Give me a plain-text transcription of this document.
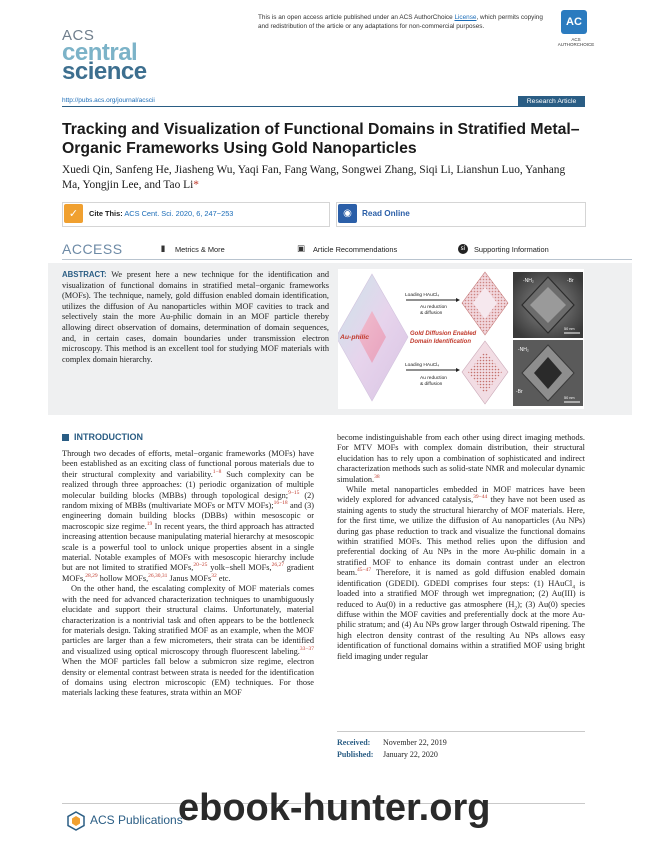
ACS
central
science
This is an open access article published under an ACS AuthorChoice License, which permits copying and redistribution of the article or any adaptations for non-commercial purposes.	AC
ACS AUTHORCHOICE
http://pubs.acs.org/journal/acscii	Research Article
Tracking and Visualization of Functional Domains in Stratified Metal–Organic Frameworks Using Gold Nanoparticles
Xuedi Qin, Sanfeng He, Jiasheng Wu, Yaqi Fan, Fang Wang, Songwei Zhang, Siqi Li, Lianshun Luo, Yanhang Ma, Yongjin Lee, and Tao Li*
✓	Cite This: ACS Cent. Sci. 2020, 6, 247−253	◉	Read Online
ACCESS	▮	Metrics & More	▣ Article Recommendations	si	Supporting Information
ABSTRACT: We present here a new technique for the identification and visualization of functional domains in stratified metal−organic frameworks (MOFs). The technique, namely, gold diffusion enabled domain identification, utilizes the diffusion of Au nanoparticles within MOF cavities to track and selectively stain the more Au-philic domain in an MOF particle thereby allowing direct observation of domains, determination of domain sequences, and, in certain cases, domain boundaries under transmission electron microscopy. This method is an excellent tool for studying MOF materials with complex domain hierarchy.
Au-philic
Loading HAuCl₄
Au reduction
& diffusion
Gold Diffusion Enabled
Domain Identification
Loading HAuCl₄
Au reduction
& diffusion
-NH₂	-Br
50 nm
-NH₂
-Br
50 nm
INTRODUCTION

Through two decades of efforts, metal−organic frameworks (MOFs) have been established as an exciting class of functional porous materials due to their structural complexity and variability.$^{1-8}$ Such complexity can be realized through three approaches: (1) periodic organization of multiple molecular building blocks (MBBs) through topological design;$^{9-15}$ (2) random mixing of MBBs (multivariate MOFs or MTV MOFs);$^{16-18}$ and (3) engineering domain building blocks (DBBs) within mesoscopic or macroscopic size regime.$^{19}$ In recent years, the third approach has attracted increasing attention because manipulating material hierarchy at mesoscopic scale is a powerful tool to unlock unique properties absent in a single material. Notable examples of MOFs with mesoscopic hierarchy include but are not limited to stratified MOFs,$^{20-25}$ yolk−shell MOFs,$^{26,27}$ gradient MOFs,$^{28,29}$ hollow MOFs,$^{26,30,31}$ Janus MOFs$^{32}$ etc.

On the other hand, the escalating complexity of MOF materials comes with the need for advanced characterization techniques to unambiguously elucidate and support their structural claims. Unfortunately, material characterization is a nontrivial task and often appears to be the bottleneck for materials design. Taking stratified MOF as an example, when the MOF particles are larger than a few micrometers, their strata can be identified and visualized using optical microscopy through fluorescent labeling.$^{33-37}$ When the MOF particles fall below a submicron size regime, electron density or elemental contrast between strata is needed for the identification of domains using electron microscopic (EM) techniques. For those materials lacking these features, strata within an MOF

become indistinguishable from each other using direct imaging methods. For MTV MOFs with complex domain distribution, their structural elucidation has to rely upon a combination of sophisticated and indirect characterization methods such as solid-state NMR and molecular dynamic simulation.$^{38}$

While metal nanoparticles embedded in MOF matrices have been widely explored for advanced catalysis,$^{39-44}$ they have not been used as staining agents to study the structural hierarchy of MOF materials. Here, for the first time, we utilize the diffusion of Au nanoparticles (Au NPs) during gas phase reduction to track and visualize the functional domains within stratified MOFs. This method relies upon the diffusion and preferential docking of Au NPs in the more Au-philic domain in a stratified MOF to enhance its domain contrast under an electron beam.$^{45-47}$ Therefore, it is named as gold diffusion enabled domain identification (GDEDI). GDEDI comprises four steps: (1) HAuCl$_4$ is loaded into a stratified MOF through wet impregnation; (2) Au(III) is reduced to Au(0) in a reductive gas atmosphere $(H_2)$; (3) Au(0) species diffuse within the MOF cavities and preferentially dock at the more Au-philic stratum; and (4) Au NPs grow larger through Ostwald ripening. The high electron density contrast of the resulting Au NPs allows easy identification of functional domains within a stratified MOF using bright field imaging under regular

Received: November 22, 2019
Published: January 22, 2020
ACS Publications
ebook-hunter.org
